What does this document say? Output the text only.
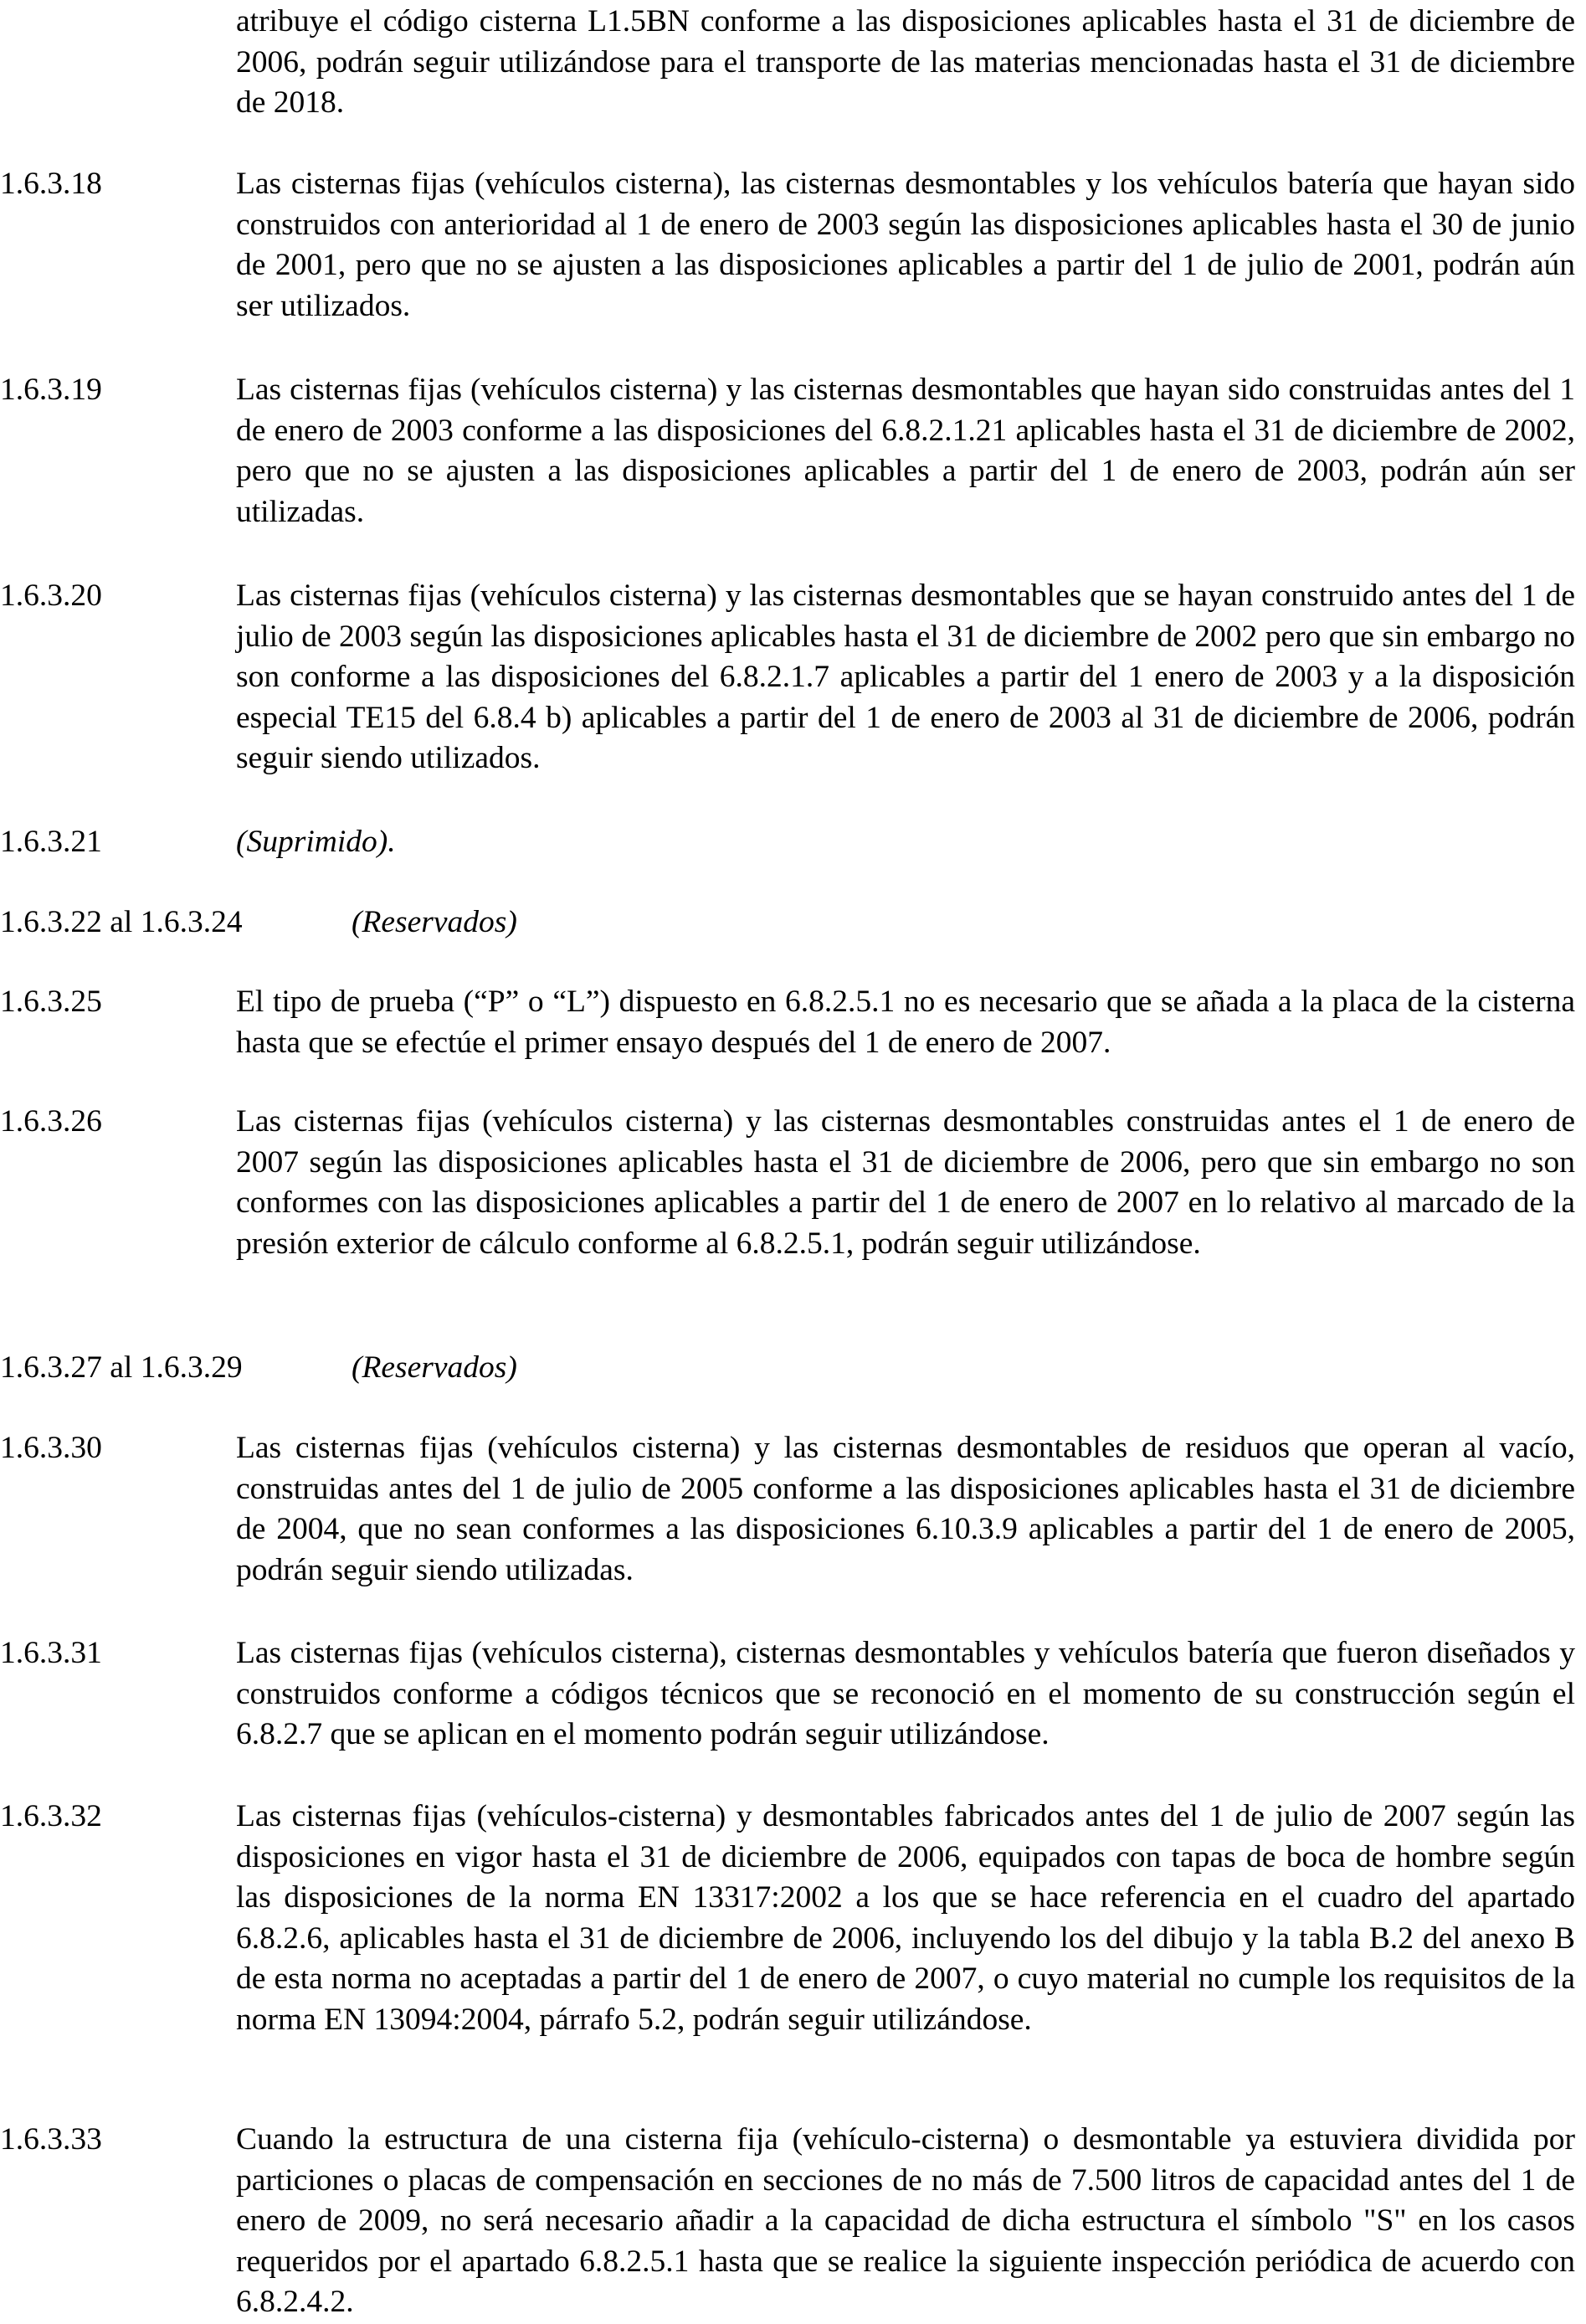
atribuye el código cisterna L1.5BN conforme a las disposiciones aplicables hasta el 31 de diciembre de 2006, podrán seguir utilizándose para el transporte de las materias mencionadas hasta el 31 de diciembre de 2018.
1.6.3.18	Las cisternas fijas (vehículos cisterna), las cisternas desmontables y los vehículos batería que hayan sido construidos con anterioridad al 1 de enero de 2003 según las disposiciones aplicables hasta el 30 de junio de 2001, pero que no se ajusten a las disposiciones aplicables a partir del 1 de julio de 2001, podrán aún ser utilizados.
1.6.3.19	Las cisternas fijas (vehículos cisterna) y las cisternas desmontables que hayan sido construidas antes del 1 de enero de 2003 conforme a las disposiciones del 6.8.2.1.21 aplicables hasta el 31 de diciembre de 2002, pero que no se ajusten a las disposiciones aplicables a partir del 1 de enero de 2003, podrán aún ser utilizadas.
1.6.3.20	Las cisternas fijas (vehículos cisterna) y las cisternas desmontables que se hayan construido antes del 1 de julio de 2003 según las disposiciones aplicables hasta el 31 de diciembre de 2002 pero que sin embargo no son conforme a las disposiciones del 6.8.2.1.7 aplicables a partir del 1 enero de 2003 y a la disposición especial TE15 del 6.8.4 b) aplicables a partir del 1 de enero de 2003 al 31 de diciembre de 2006, podrán seguir siendo utilizados.
1.6.3.21	(Suprimido).
1.6.3.22 al 1.6.3.24	(Reservados)
1.6.3.25	El tipo de prueba (“P” o “L”) dispuesto en 6.8.2.5.1 no es necesario que se añada a la placa de la cisterna hasta que se efectúe el primer ensayo después del 1 de enero de 2007.
1.6.3.26	Las cisternas fijas (vehículos cisterna) y las cisternas desmontables construidas antes el 1 de enero de 2007 según las disposiciones aplicables hasta el 31 de diciembre de 2006, pero que sin embargo no son conformes con las disposiciones aplicables a partir del 1 de enero de 2007 en lo relativo al marcado de la presión exterior de cálculo conforme al 6.8.2.5.1, podrán seguir utilizándose.
1.6.3.27 al 1.6.3.29	(Reservados)
1.6.3.30	Las cisternas fijas (vehículos cisterna) y las cisternas desmontables de residuos que operan al vacío, construidas antes del 1 de julio de 2005 conforme a las disposiciones aplicables hasta el 31 de diciembre de 2004, que no sean conformes a las disposiciones 6.10.3.9 aplicables a partir del 1 de enero de 2005, podrán seguir siendo utilizadas.
1.6.3.31	Las cisternas fijas (vehículos cisterna), cisternas desmontables y vehículos batería que fueron diseñados y construidos conforme a códigos técnicos que se reconoció en el momento de su construcción según el 6.8.2.7 que se aplican en el momento podrán seguir utilizándose.
1.6.3.32	Las cisternas fijas (vehículos-cisterna) y desmontables fabricados antes del 1 de julio de 2007 según las disposiciones en vigor hasta el 31 de diciembre de 2006, equipados con tapas de boca de hombre según las disposiciones de la norma EN 13317:2002 a los que se hace referencia en el cuadro del apartado 6.8.2.6, aplicables hasta el 31 de diciembre de 2006, incluyendo los del dibujo y la tabla B.2 del anexo B de esta norma no aceptadas a partir del 1 de enero de 2007, o cuyo material no cumple los requisitos de la norma EN 13094:2004, párrafo 5.2, podrán seguir utilizándose.
1.6.3.33	Cuando la estructura de una cisterna fija (vehículo-cisterna) o desmontable ya estuviera dividida por particiones o placas de compensación en secciones de no más de 7.500 litros de capacidad antes del 1 de enero de 2009, no será necesario añadir a la capacidad de dicha estructura el símbolo "S" en los casos requeridos por el apartado 6.8.2.5.1 hasta que se realice la siguiente inspección periódica de acuerdo con 6.8.2.4.2.
